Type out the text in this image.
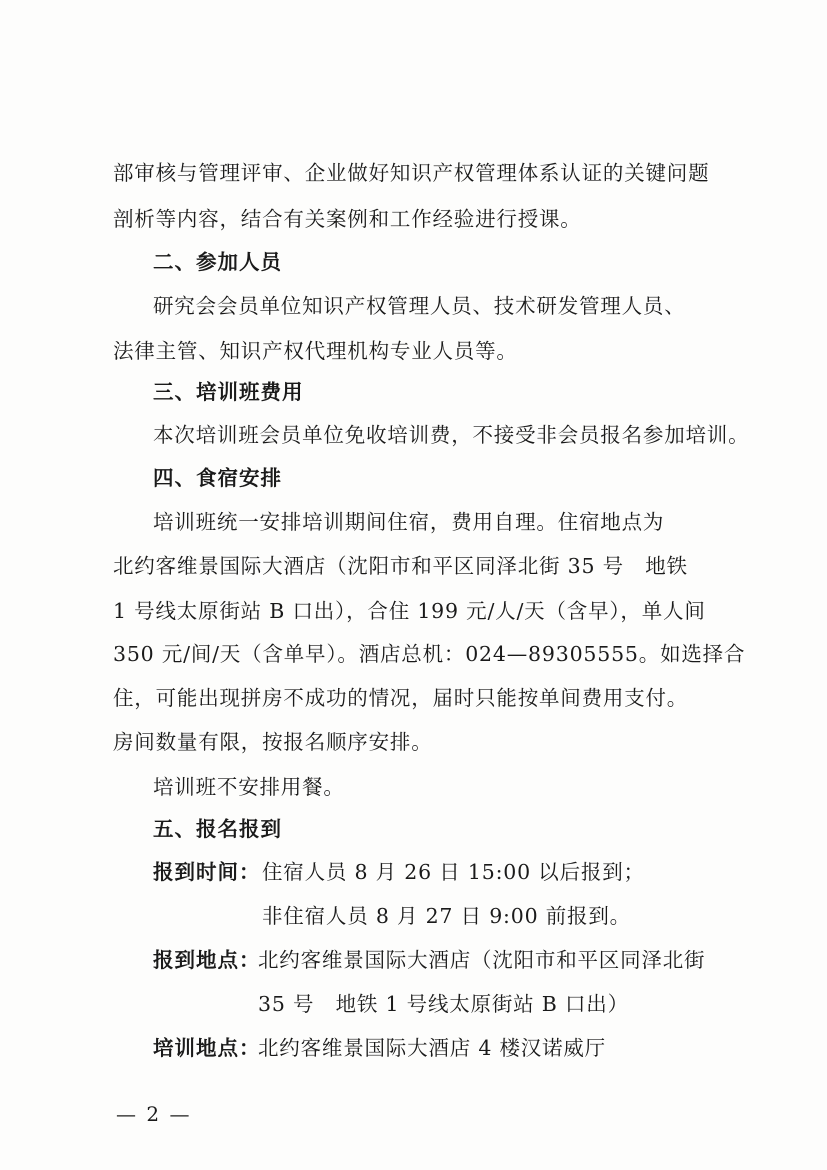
部审核与管理评审、企业做好知识产权管理体系认证的关键问题
剖析等内容，结合有关案例和工作经验进行授课。
二、参加人员
研究会会员单位知识产权管理人员、技术研发管理人员、
法律主管、知识产权代理机构专业人员等。
三、培训班费用
本次培训班会员单位免收培训费，不接受非会员报名参加培训。
四、食宿安排
培训班统一安排培训期间住宿，费用自理。住宿地点为
北约客维景国际大酒店（沈阳市和平区同泽北街 35 号　地铁
1 号线太原街站 B 口出），合住 199 元/人/天（含早），单人间
350 元/间/天（含单早）。酒店总机：024—89305555。如选择合
住，可能出现拼房不成功的情况，届时只能按单间费用支付。
房间数量有限，按报名顺序安排。
培训班不安排用餐。
五、报名报到
报到时间： 住宿人员 8 月 26 日 15:00 以后报到；
非住宿人员 8 月 27 日 9:00 前报到。
报到地点：
北约客维景国际大酒店（沈阳市和平区同泽北街
35 号　地铁 1 号线太原街站 B 口出）
培训地点：
北约客维景国际大酒店 4 楼汉诺威厅
— 2 —
